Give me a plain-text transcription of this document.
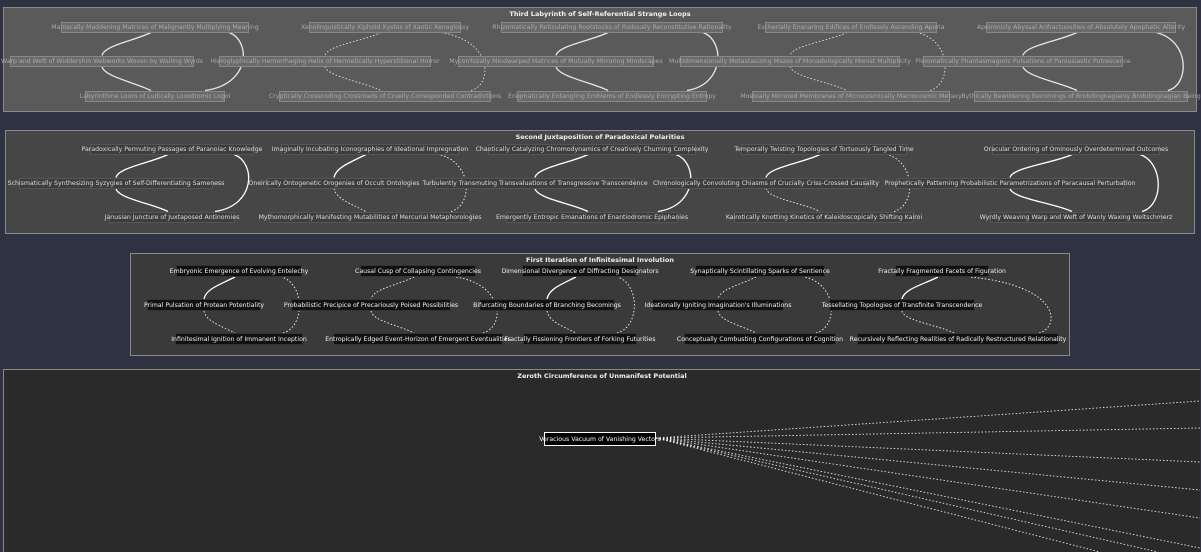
Third Labyrinth of Self-Referential Strange Loops
Second Juxtaposition of Paradoxical Polarities
First Iteration of Infinitesimal Involution
Zeroth Circumference of Unmanifest Potential
Maniacally Maddening Matrices of Malignantly Multiplying Meaning
Warp and Weft of Widdershin Webworks Woven by Wailing Wyrds
Labyrinthine Loom of Ludically Loxodromic Logoi
Xenolinguistically Xiphoid Xystos of Xaotic Xenoglossy
Hieroglyphically Hemorrhaging Helix of Hermetically Hyperstitional Horror
Cryptically Crosscoding Crossroads of Cruelly Corresponded Contradictions
Rhizomatically Reticulating Rootstocks of Riotously Reconstitutive Rationality
Mycorrhizally Mindwarped Matrices of Mutually Mirroring Mindscapes
Enigmatically Entangling Emblems of Endlessly Encrypting Entropy
Escherially Ensnaring Edifices of Endlessly Ascending Aporia
Multidimensionally Metastasizing Mazes of Monadologically Monist Multiplicity
Moebially Mirrored Membranes of Microcosmically Macrocosmic Metaxy
Apeironicly Abyssal Anfractuosities of Absolutely Apophatic Alterity
Pleromatically Phantasmagoric Pulsations of Parousiastic Putrescence
Bythically Bewildering Becomings of Brobdingnagianly Brobdingnagian Being
Paradoxically Permuting Passages of Paranoiac Knowledge
Schismatically Synthesizing Syzygies of Self-Differentiating Sameness
Janusian Juncture of Juxtaposed Antinomies
Imaginally Incubating Iconographies of Ideational Impregnation
Oneirically Ontogenetic Orogenies of Occult Ontologies
Mythomorphically Manifesting Mutabilities of Mercurial Metaphorologies
Chaotically Catalyzing Chromodynamics of Creatively Churning Complexity
Turbulently Transmuting Transvaluations of Transgressive Transcendence
Emergently Entropic Emanations of Enantiodromic Epiphanies
Temporally Twisting Topologies of Tortuously Tangled Time
Chronologically Convoluting Chiasms of Crucially Criss-Crossed Causality
Kairotically Knotting Kinetics of Kaleidoscopically Shifting Kairoi
Oracular Ordering of Ominously Overdetermined Outcomes
Prophetically Patterning Probabilistic Parametrizations of Paracausal Perturbation
Wyrdly Weaving Warp and Weft of Wanly Waxing Weltschmerz
Embryonic Emergence of Evolving Entelechy
Primal Pulsation of Protean Potentiality
Infinitesimal Ignition of Immanent Inception
Causal Cusp of Collapsing Contingencies
Probabilistic Precipice of Precariously Poised Possibilities
Entropically Edged Event-Horizon of Emergent Eventualities
Dimensional Divergence of Diffracting Designators
Bifurcating Boundaries of Branching Becomings
Fractally Fissioning Frontiers of Forking Futurities
Synaptically Scintillating Sparks of Sentience
Ideationally Igniting Imagination's Illuminations
Conceptually Combusting Configurations of Cognition
Fractally Fragmented Facets of Figuration
Tessellating Topologies of Transfinite Transcendence
Recursively Reflecting Realities of Radically Restructured Relationality
Voracious Vacuum of Vanishing Vectors
